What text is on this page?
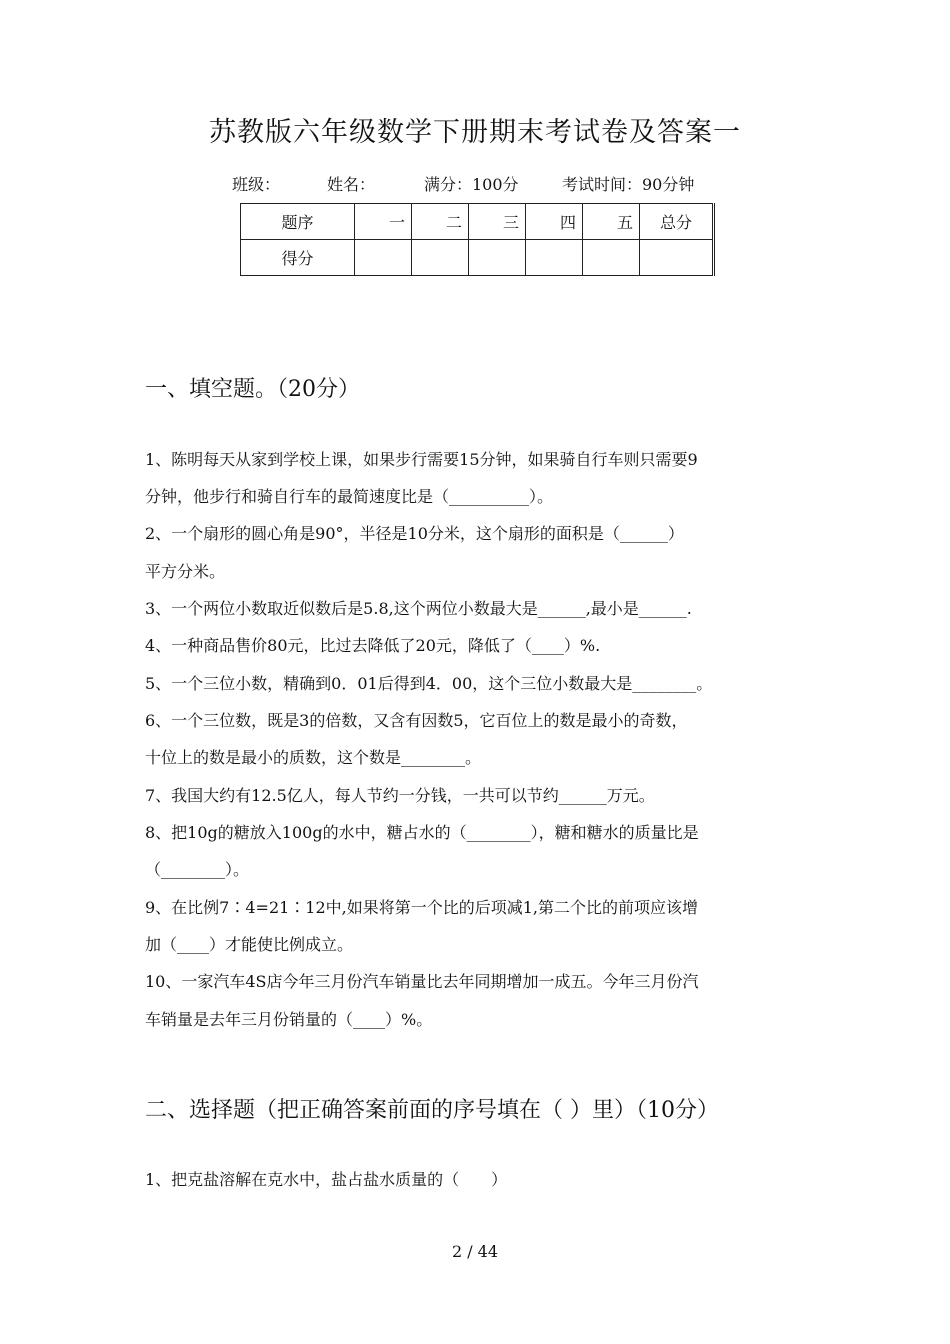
苏教版六年级数学下册期末考试卷及答案一
班级：	姓名：	满分：100分	考试时间：90分钟
题序	一	二	三	四	五	总分
得分						
一、填空题。（20分）
1、陈明每天从家到学校上课，如果步行需要15分钟，如果骑自行车则只需要9
分钟，他步行和骑自行车的最简速度比是（__________）。
2、一个扇形的圆心角是90°，半径是10分米，这个扇形的面积是（______）
平方分米。
3、一个两位小数取近似数后是5.8,这个两位小数最大是______,最小是______.
4、一种商品售价80元，比过去降低了20元，降低了（____）%.
5、一个三位小数，精确到0．01后得到4．00，这个三位小数最大是________。
6、一个三位数，既是3的倍数，又含有因数5，它百位上的数是最小的奇数，
十位上的数是最小的质数，这个数是________。
7、我国大约有12.5亿人，每人节约一分钱，一共可以节约______万元。
8、把10g的糖放入100g的水中，糖占水的（________），糖和糖水的质量比是
（________）。
9、在比例7∶4=21∶12中,如果将第一个比的后项减1,第二个比的前项应该增
加（____）才能使比例成立。
10、一家汽车4S店今年三月份汽车销量比去年同期增加一成五。今年三月份汽
车销量是去年三月份销量的（____）%。
二、选择题（把正确答案前面的序号填在（ ）里）（10分）
1、把克盐溶解在克水中，盐占盐水质量的（　　）
2 / 44
